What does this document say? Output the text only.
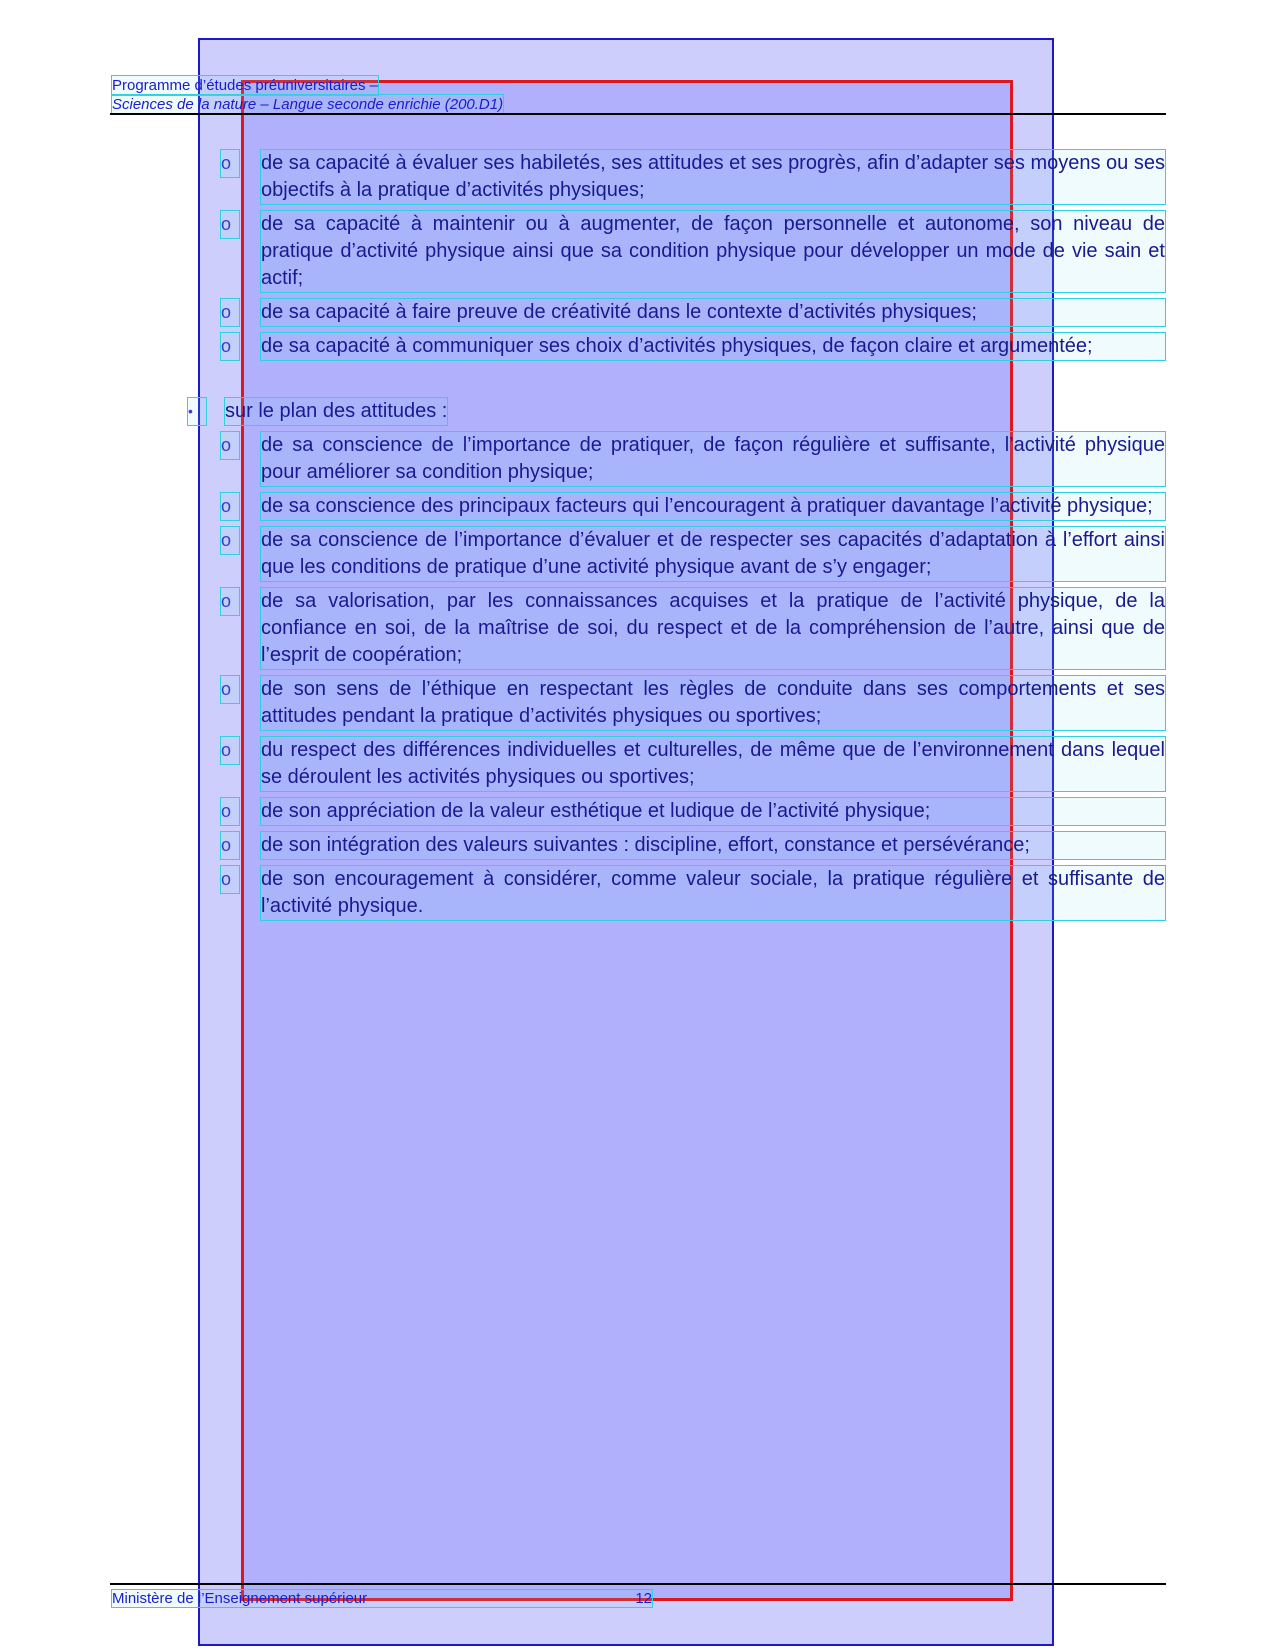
Programme d’études préuniversitaires –
Sciences de la nature – Langue seconde enrichie (200.D1)
o	de sa capacité à évaluer ses habiletés, ses attitudes et ses progrès, afin d’adapter ses moyens ou ses objectifs à la pratique d’activités physiques;
o	de sa capacité à maintenir ou à augmenter, de façon personnelle et autonome, son niveau de pratique d’activité physique ainsi que sa condition physique pour développer un mode de vie sain et actif;
o	de sa capacité à faire preuve de créativité dans le contexte d’activités physiques;
o	de sa capacité à communiquer ses choix d’activités physiques, de façon claire et argumentée;
•	sur le plan des attitudes :
o	de sa conscience de l’importance de pratiquer, de façon régulière et suffisante, l’activité physique pour améliorer sa condition physique;
o	de sa conscience des principaux facteurs qui l’encouragent à pratiquer davantage l’activité physique;
o	de sa conscience de l’importance d’évaluer et de respecter ses capacités d’adaptation à l’effort ainsi que les conditions de pratique d’une activité physique avant de s’y engager;
o	de sa valorisation, par les connaissances acquises et la pratique de l’activité physique, de la confiance en soi, de la maîtrise de soi, du respect et de la compréhension de l’autre, ainsi que de l’esprit de coopération;
o	de son sens de l’éthique en respectant les règles de conduite dans ses comportements et ses attitudes pendant la pratique d’activités physiques ou sportives;
o	du respect des différences individuelles et culturelles, de même que de l’environnement dans lequel se déroulent les activités physiques ou sportives;
o	de son appréciation de la valeur esthétique et ludique de l’activité physique;
o	de son intégration des valeurs suivantes : discipline, effort, constance et persévérance;
o	de son encouragement à considérer, comme valeur sociale, la pratique régulière et suffisante de l’activité physique.
Ministère de l’Enseignement supérieur	12
